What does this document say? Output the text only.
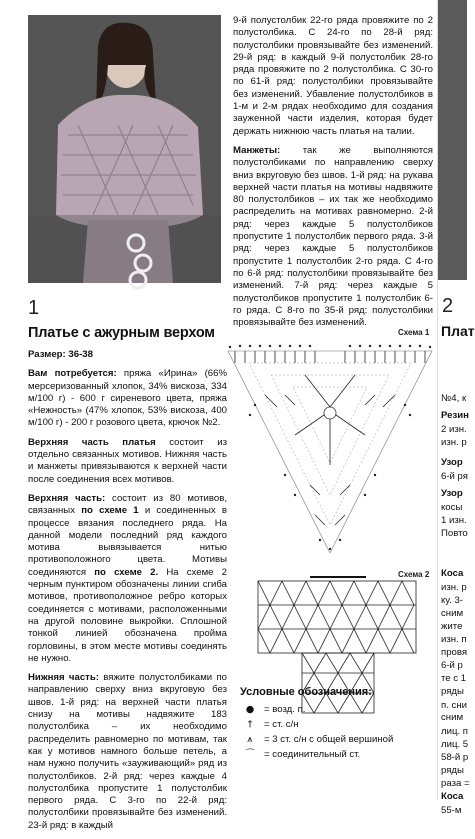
1
Платье с ажурным верхом

Размер: 36-38

Вам потребуется: пряжа «Ирина» (66% мерсеризованный хлопок, 34% вискоза, 334 м/100 г) - 600 г сиреневого цвета, пряжа «Нежность» (47% хлопок, 53% вискоза, 400 м/100 г) - 200 г розового цвета, крючок №2.

Верхняя часть платья состоит из отдельно связанных мотивов. Нижняя часть и манжеты привязываются к верхней части после соединения всех мотивов.

Верхняя часть: состоит из 80 мотивов, связанных по схеме 1 и соединенных в процессе вязания последнего ряда. На данной модели последний ряд каждого мотива вывязывается нитью противоположного цвета. Мотивы соединяются по схеме 2. На схеме 2 черным пунктиром обозначены линии сгиба мотивов, противоположное ребро которых соединяется с мотивами, расположенными на другой половине выкройки. Сплошной тонкой линией обозначена пройма горловины, в этом месте мотивы соединять не нужно.

Нижняя часть: вяжите полустолбиками по направлению сверху вниз вкруговую без швов. 1-й ряд: на верхней части платья снизу на мотивы надвяжите 183 полустолбика – их необходимо распределить равномерно по мотивам, так как у мотивов намного больше петель, а нам нужно получить «зауживающий» ряд из полустолбиков. 2-й ряд: через каждые 4 полустолбика пропустите 1 полустолбик первого ряда. С 3-го по 22-й ряд: полустолбики провязывайте без изменений. 23-й ряд: в каждый

9-й полустолбик 22-го ряда провяжите по 2 полустолбика. С 24-го по 28-й ряд: полустолбики провязывайте без изменений. 29-й ряд: в каждый 9-й полустолбик 28-го ряда провяжите по 2 полустолбика. С 30-го по 61-й ряд: полустолбики провязывайте без изменений. Убавление полустолбиков в 1-м и 2-м рядах необходимо для создания зауженной части изделия, которая будет держать нижнюю часть платья на талии.

Манжеты: так же выполняются полустолбиками по направлению сверху вниз вкруговую без швов. 1-й ряд: на рукава верхней части платья на мотивы надвяжите 80 полустолбиков – их так же необходимо распределить на мотивах равномерно. 2-й ряд: через каждые 5 полустолбиков пропустите 1 полустолбик первого ряда. 3-й ряд: через каждые 5 полустолбиков пропустите 1 полустолбик 2-го ряда. С 4-го по 6-й ряд: полустолбики провязывайте без изменений. 7-й ряд: через каждые 5 полустолбиков пропустите 1 полустолбик 6-го ряда. С 8-го по 35-й ряд: полустолбики провязывайте без изменений.

Схема 1
Схема 2
Условные обозначения:
●	= возд. п.
†	= ст. с/н
⩚	= 3 ст. с/н с общей вершиной
⌒ = соединительный ст.
2
Плат
№4, к
Резин
2 изн.
изн. р
Узор
6-й ря
Узор
косы
1 изн.
Повто
Коса
изн. р
ку. 3-
сним
жите
изн. п
провя
6-й р
те с 1
ряды
п. сни
сним
лиц. п
лиц. 5
58-й р
ряды
раза =
Коса
55-м
